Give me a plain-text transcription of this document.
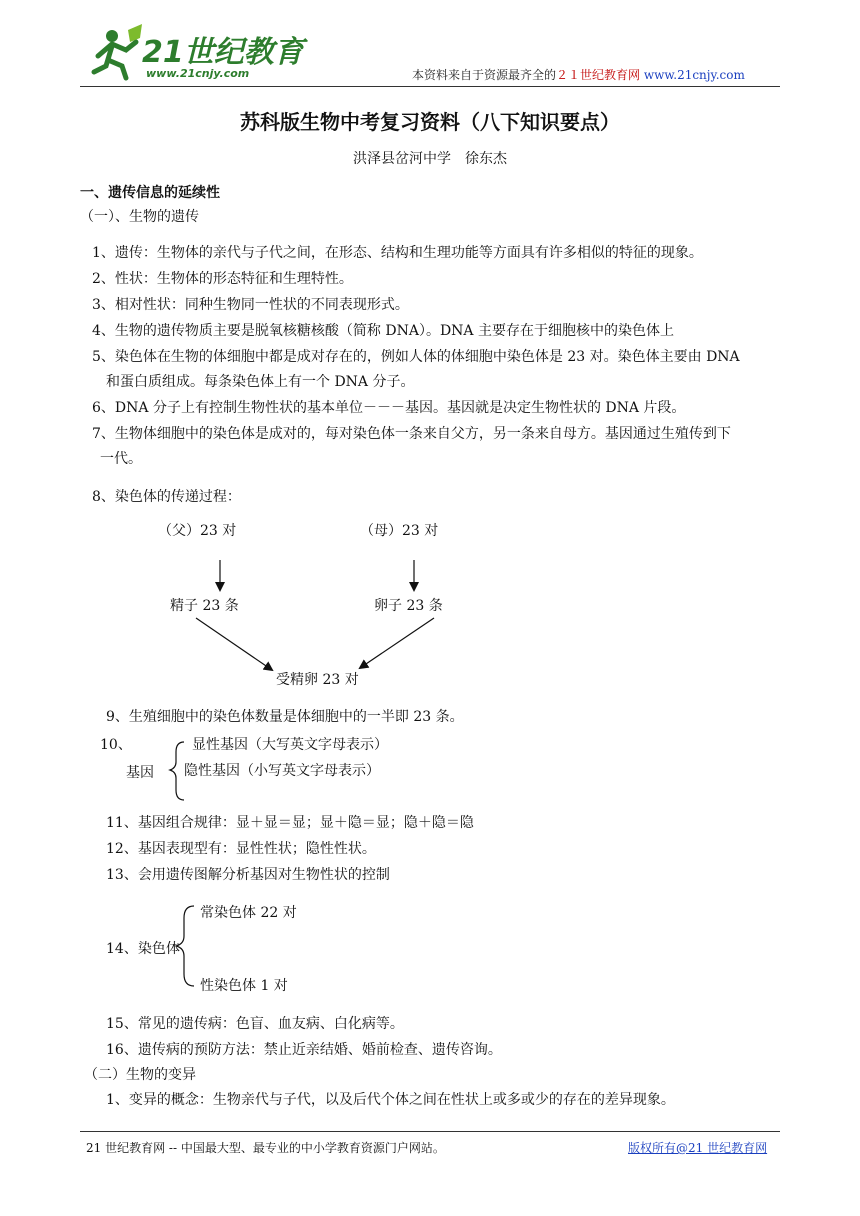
21世纪教育
www.21cnjy.com	本资料来自于资源最齐全的２１世纪教育网 www.21cnjy.com
苏科版生物中考复习资料（八下知识要点）
洪泽县岔河中学　徐东杰
一、遗传信息的延续性
（一）、生物的遗传
1、遗传：生物体的亲代与子代之间，在形态、结构和生理功能等方面具有许多相似的特征的现象。
2、性状：生物体的形态特征和生理特性。
3、相对性状：同种生物同一性状的不同表现形式。
4、生物的遗传物质主要是脱氧核糖核酸（简称 DNA）。DNA 主要存在于细胞核中的染色体上
5、染色体在生物的体细胞中都是成对存在的，例如人体的体细胞中染色体是 23 对。染色体主要由 DNA
和蛋白质组成。每条染色体上有一个 DNA 分子。
6、DNA 分子上有控制生物性状的基本单位－－－基因。基因就是决定生物性状的 DNA 片段。
7、生物体细胞中的染色体是成对的，每对染色体一条来自父方，另一条来自母方。基因通过生殖传到下
一代。
8、染色体的传递过程：
（父）23 对	（母）23 对
精子 23 条	卵子 23 条
受精卵 23 对
9、生殖细胞中的染色体数量是体细胞中的一半即 23 条。
10、	显性基因（大写英文字母表示）
隐性基因（小写英文字母表示）
基因
11、基因组合规律：显＋显＝显；显＋隐＝显；隐＋隐＝隐
12、基因表现型有：显性性状；隐性性状。
13、会用遗传图解分析基因对生物性状的控制
常染色体 22 对
14、染色体
性染色体 1 对
15、常见的遗传病：色盲、血友病、白化病等。
16、遗传病的预防方法：禁止近亲结婚、婚前检查、遗传咨询。
（二）生物的变异
1、变异的概念：生物亲代与子代，以及后代个体之间在性状上或多或少的存在的差异现象。
21 世纪教育网 -- 中国最大型、最专业的中小学教育资源门户网站。	版权所有@21 世纪教育网
